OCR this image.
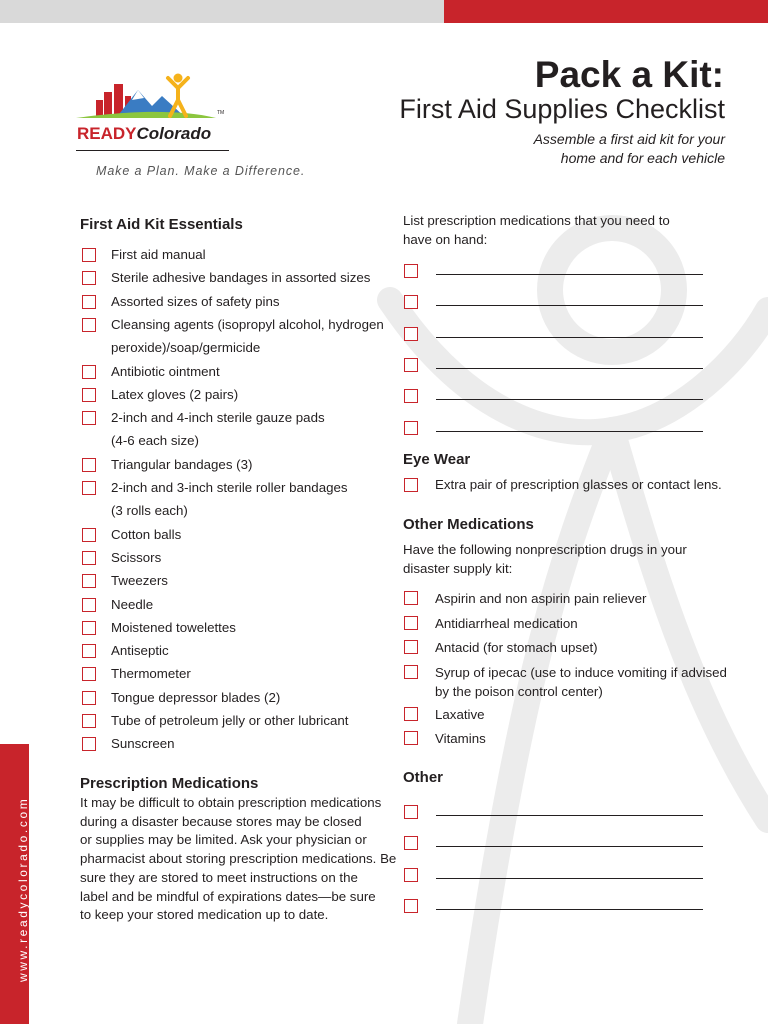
READYColorado
TM
Make a Plan. Make a Difference.
Pack a Kit:
First Aid Supplies Checklist
Assemble a first aid kit for your
home and for each vehicle
First Aid Kit Essentials
First aid manual
Sterile adhesive bandages in assorted sizes
Assorted sizes of safety pins
Cleansing agents (isopropyl alcohol, hydrogen
peroxide)/soap/germicide
Antibiotic ointment
Latex gloves (2 pairs)
2-inch and 4-inch sterile gauze pads
(4-6 each size)
Triangular bandages (3)
2-inch and 3-inch sterile roller bandages
(3 rolls each)
Cotton balls
Scissors
Tweezers
Needle
Moistened towelettes
Antiseptic
Thermometer
Tongue depressor blades (2)
Tube of petroleum jelly or other lubricant
Sunscreen
Prescription Medications
It may be difficult to obtain prescription medications
during a disaster because stores may be closed
or supplies may be limited. Ask your physician or
pharmacist about storing prescription medications. Be
sure they are stored to meet instructions on the
label and be mindful of expirations dates—be sure
to keep your stored medication up to date.
List prescription medications that you need to
have on hand:
Eye Wear
Extra pair of prescription glasses or contact lens.
Other Medications
Have the following nonprescription drugs in your
disaster supply kit:
Aspirin and non aspirin pain reliever
Antidiarrheal medication
Antacid (for stomach upset)
Syrup of ipecac (use to induce vomiting if advised
by the poison control center)
Laxative
Vitamins
Other
www.readycolorado.com
